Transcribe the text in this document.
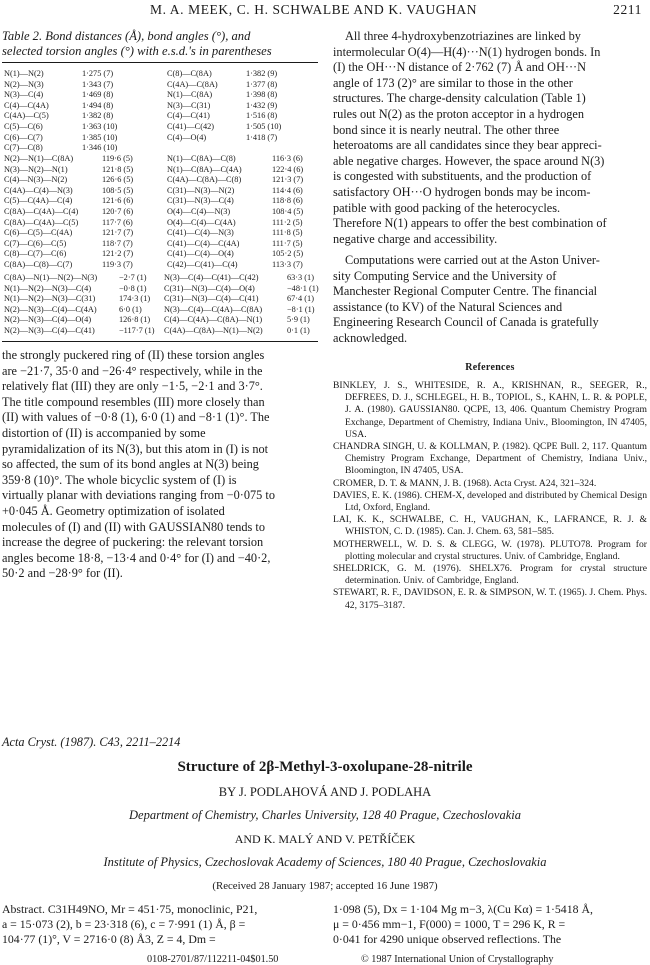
M. A. MEEK, C. H. SCHWALBE AND K. VAUGHAN	2211
Table 2. Bond distances (Å), bond angles (°), and
selected torsion angles (°) with e.s.d.'s in parentheses
N(1)—N(2)	1·275 (7)	C(8)—C(8A)	1·382 (9)
N(2)—N(3)	1·343 (7)	C(4A)—C(8A)	1·377 (8)
N(3)—C(4)	1·469 (8)	N(1)—C(8A)	1·398 (8)
C(4)—C(4A)	1·494 (8)	N(3)—C(31)	1·432 (9)
C(4A)—C(5)	1·382 (8)	C(4)—C(41)	1·516 (8)
C(5)—C(6)	1·363 (10)	C(41)—C(42)	1·505 (10)
C(6)—C(7)	1·385 (10)	C(4)—O(4)	1·418 (7)
C(7)—C(8)	1·346 (10)
N(2)—N(1)—C(8A)	119·6 (5)	N(1)—C(8A)—C(8)	116·3 (6)
N(3)—N(2)—N(1)	121·8 (5)	N(1)—C(8A)—C(4A)	122·4 (6)
C(4)—N(3)—N(2)	126·6 (5)	C(4A)—C(8A)—C(8)	121·3 (7)
C(4A)—C(4)—N(3)	108·5 (5)	C(31)—N(3)—N(2)	114·4 (6)
C(5)—C(4A)—C(4)	121·6 (6)	C(31)—N(3)—C(4)	118·8 (6)
C(8A)—C(4A)—C(4)	120·7 (6)	O(4)—C(4)—N(3)	108·4 (5)
C(8A)—C(4A)—C(5)	117·7 (6)	O(4)—C(4)—C(4A)	111·2 (5)
C(6)—C(5)—C(4A)	121·7 (7)	C(41)—C(4)—N(3)	111·8 (5)
C(7)—C(6)—C(5)	118·7 (7)	C(41)—C(4)—C(4A)	111·7 (5)
C(8)—C(7)—C(6)	121·2 (7)	C(41)—C(4)—O(4)	105·2 (5)
C(8A)—C(8)—C(7)	119·3 (7)	C(42)—C(41)—C(4)	113·3 (7)
C(8A)—N(1)—N(2)—N(3)	−2·7 (1) N(3)—C(4)—C(41)—C(42)	63·3 (1)
N(1)—N(2)—N(3)—C(4)	−0·8 (1) C(31)—N(3)—C(4)—O(4)	−48·1 (1)
N(1)—N(2)—N(3)—C(31)	174·3 (1) C(31)—N(3)—C(4)—C(41)	67·4 (1)
N(2)—N(3)—C(4)—C(4A)	6·0 (1)	N(3)—C(4)—C(4A)—C(8A)	−8·1 (1)
N(2)—N(3)—C(4)—O(4)	126·8 (1) C(4)—C(4A)—C(8A)—N(1)	5·9 (1)
N(2)—N(3)—C(4)—C(41)	−117·7 (1) C(4A)—C(8A)—N(1)—N(2)	0·1 (1)
the strongly puckered ring of (II) these torsion angles
are −21·7, 35·0 and −26·4° respectively, while in the
relatively flat (III) they are only −1·5, −2·1 and 3·7°.
The title compound resembles (III) more closely than
(II) with values of −0·8 (1), 6·0 (1) and −8·1 (1)°. The
distortion of (II) is accompanied by some
pyramidalization of its N(3), but this atom in (I) is not
so affected, the sum of its bond angles at N(3) being
359·8 (10)°. The whole bicyclic system of (I) is
virtually planar with deviations ranging from −0·075 to
+0·045 Å. Geometry optimization of isolated
molecules of (I) and (II) with GAUSSIAN80 tends to
increase the degree of puckering: the relevant torsion
angles become 18·8, −13·4 and 0·4° for (I) and −40·2,
50·2 and −28·9° for (II).
All three 4-hydroxybenzotriazines are linked by
intermolecular O(4)—H(4)···N(1) hydrogen bonds. In
(I) the OH···N distance of 2·762 (7) Å and OH···N
angle of 173 (2)° are similar to those in the other
structures. The charge-density calculation (Table 1)
rules out N(2) as the proton acceptor in a hydrogen
bond since it is nearly neutral. The other three
heteroatoms are all candidates since they bear appreci-
able negative charges. However, the space around N(3)
is congested with substituents, and the production of
satisfactory OH···O hydrogen bonds may be incom-
patible with good packing of the heterocycles.
Therefore N(1) appears to offer the best combination of
negative charge and accessibility.
Computations were carried out at the Aston Univer-
sity Computing Service and the University of
Manchester Regional Computer Centre. The financial
assistance (to KV) of the Natural Sciences and
Engineering Research Council of Canada is gratefully
acknowledged.
References
BINKLEY, J. S., WHITESIDE, R. A., KRISHNAN, R., SEEGER, R., DEFREES, D. J., SCHLEGEL, H. B., TOPIOL, S., KAHN, L. R. & POPLE, J. A. (1980). GAUSSIAN80. QCPE, 13, 406. Quantum Chemistry Program Exchange, Department of Chemistry, Indiana Univ., Bloomington, IN 47405, USA.
CHANDRA SINGH, U. & KOLLMAN, P. (1982). QCPE Bull. 2, 117. Quantum Chemistry Program Exchange, Department of Chemistry, Indiana Univ., Bloomington, IN 47405, USA.
CROMER, D. T. & MANN, J. B. (1968). Acta Cryst. A24, 321–324.
DAVIES, E. K. (1986). CHEM-X, developed and distributed by Chemical Design Ltd, Oxford, England.
LAI, K. K., SCHWALBE, C. H., VAUGHAN, K., LAFRANCE, R. J. & WHISTON, C. D. (1985). Can. J. Chem. 63, 581–585.
MOTHERWELL, W. D. S. & CLEGG, W. (1978). PLUTO78. Program for plotting molecular and crystal structures. Univ. of Cambridge, England.
SHELDRICK, G. M. (1976). SHELX76. Program for crystal structure determination. Univ. of Cambridge, England.
STEWART, R. F., DAVIDSON, E. R. & SIMPSON, W. T. (1965). J. Chem. Phys. 42, 3175–3187.
Acta Cryst. (1987). C43, 2211–2214
Structure of 2β-Methyl-3-oxolupane-28-nitrile
BY J. PODLAHOVÁ AND J. PODLAHA
Department of Chemistry, Charles University, 128 40 Prague, Czechoslovakia
AND K. MALÝ AND V. PETŘÍČEK
Institute of Physics, Czechoslovak Academy of Sciences, 180 40 Prague, Czechoslovakia
(Received 28 January 1987; accepted 16 June 1987)
Abstract. C31H49NO, Mr = 451·75, monoclinic, P21,
a = 15·073 (2), b = 23·318 (6), c = 7·991 (1) Å, β =
104·77 (1)°, V = 2716·0 (8) Å3, Z = 4, Dm =
1·098 (5), Dx = 1·104 Mg m−3, λ(Cu Kα) = 1·5418 Å,
μ = 0·456 mm−1, F(000) = 1000, T = 296 K, R =
0·041 for 4290 unique observed reflections. The
0108-2701/87/112211-04$01.50	© 1987 International Union of Crystallography
